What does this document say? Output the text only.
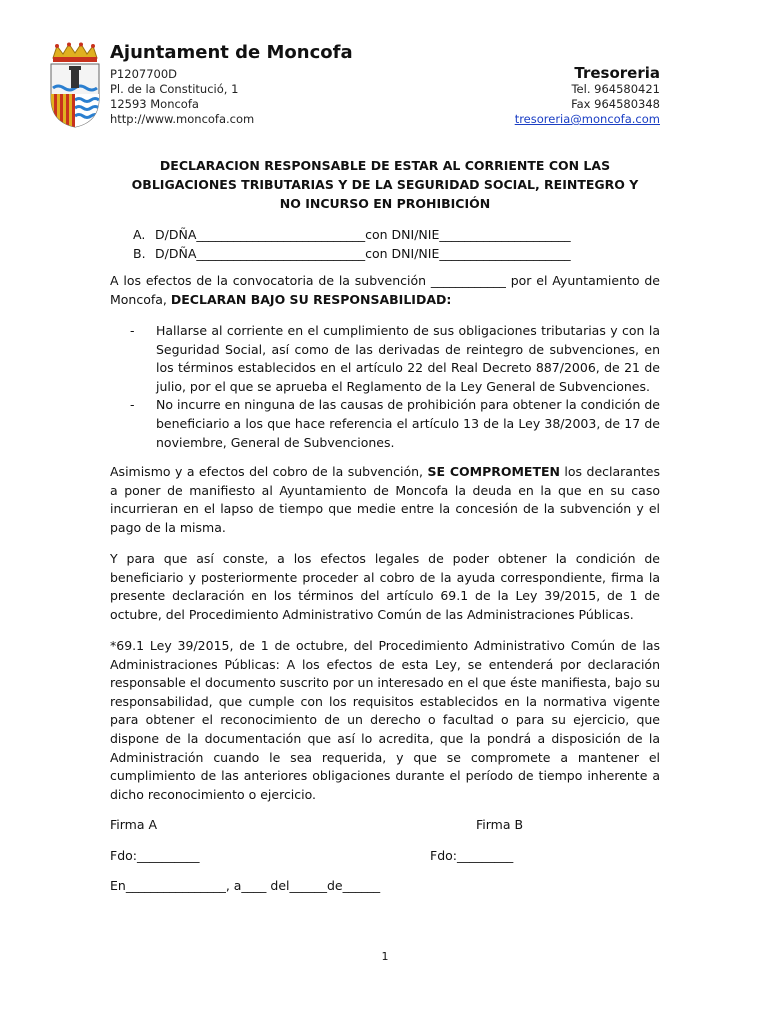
Ajuntament de Moncofa
P1207700D
Pl. de la Constitució, 1
12593 Moncofa
http://www.moncofa.com
Tresoreria
Tel. 964580421
Fax 964580348
tresoreria@moncofa.com
DECLARACION RESPONSABLE DE ESTAR AL CORRIENTE CON LAS
OBLIGACIONES TRIBUTARIAS Y DE LA SEGURIDAD SOCIAL, REINTEGRO Y
NO INCURSO EN PROHIBICIÓN
A. D/DÑA___________________________con DNI/NIE_____________________
B. D/DÑA___________________________con DNI/NIE_____________________
A los efectos de la convocatoria de la subvención ____________ por el Ayuntamiento de Moncofa, DECLARAN BAJO SU RESPONSABILIDAD:
-	Hallarse al corriente en el cumplimiento de sus obligaciones tributarias y con la Seguridad Social, así como de las derivadas de reintegro de subvenciones, en los términos establecidos en el artículo 22 del Real Decreto 887/2006, de 21 de julio, por el que se aprueba el Reglamento de la Ley General de Subvenciones.
-	No incurre en ninguna de las causas de prohibición para obtener la condición de beneficiario a los que hace referencia el artículo 13 de la Ley 38/2003, de 17 de noviembre, General de Subvenciones.
Asimismo y a efectos del cobro de la subvención, SE COMPROMETEN los declarantes a poner de manifiesto al Ayuntamiento de Moncofa la deuda en la que en su caso incurrieran en el lapso de tiempo que medie entre la concesión de la subvención y el pago de la misma.
Y para que así conste, a los efectos legales de poder obtener la condición de beneficiario y posteriormente proceder al cobro de la ayuda correspondiente, firma la presente declaración en los términos del artículo 69.1 de la Ley 39/2015, de 1 de octubre, del Procedimiento Administrativo Común de las Administraciones Públicas.
*69.1 Ley 39/2015, de 1 de octubre, del Procedimiento Administrativo Común de las Administraciones Públicas: A los efectos de esta Ley, se entenderá por declaración responsable el documento suscrito por un interesado en el que éste manifiesta, bajo su responsabilidad, que cumple con los requisitos establecidos en la normativa vigente para obtener el reconocimiento de un derecho o facultad o para su ejercicio, que dispone de la documentación que así lo acredita, que la pondrá a disposición de la Administración cuando le sea requerida, y que se compromete a mantener el cumplimiento de las anteriores obligaciones durante el período de tiempo inherente a dicho reconocimiento o ejercicio.
Firma A	Firma B
Fdo:__________	Fdo:_________
En________________, a____ del______de______
1
